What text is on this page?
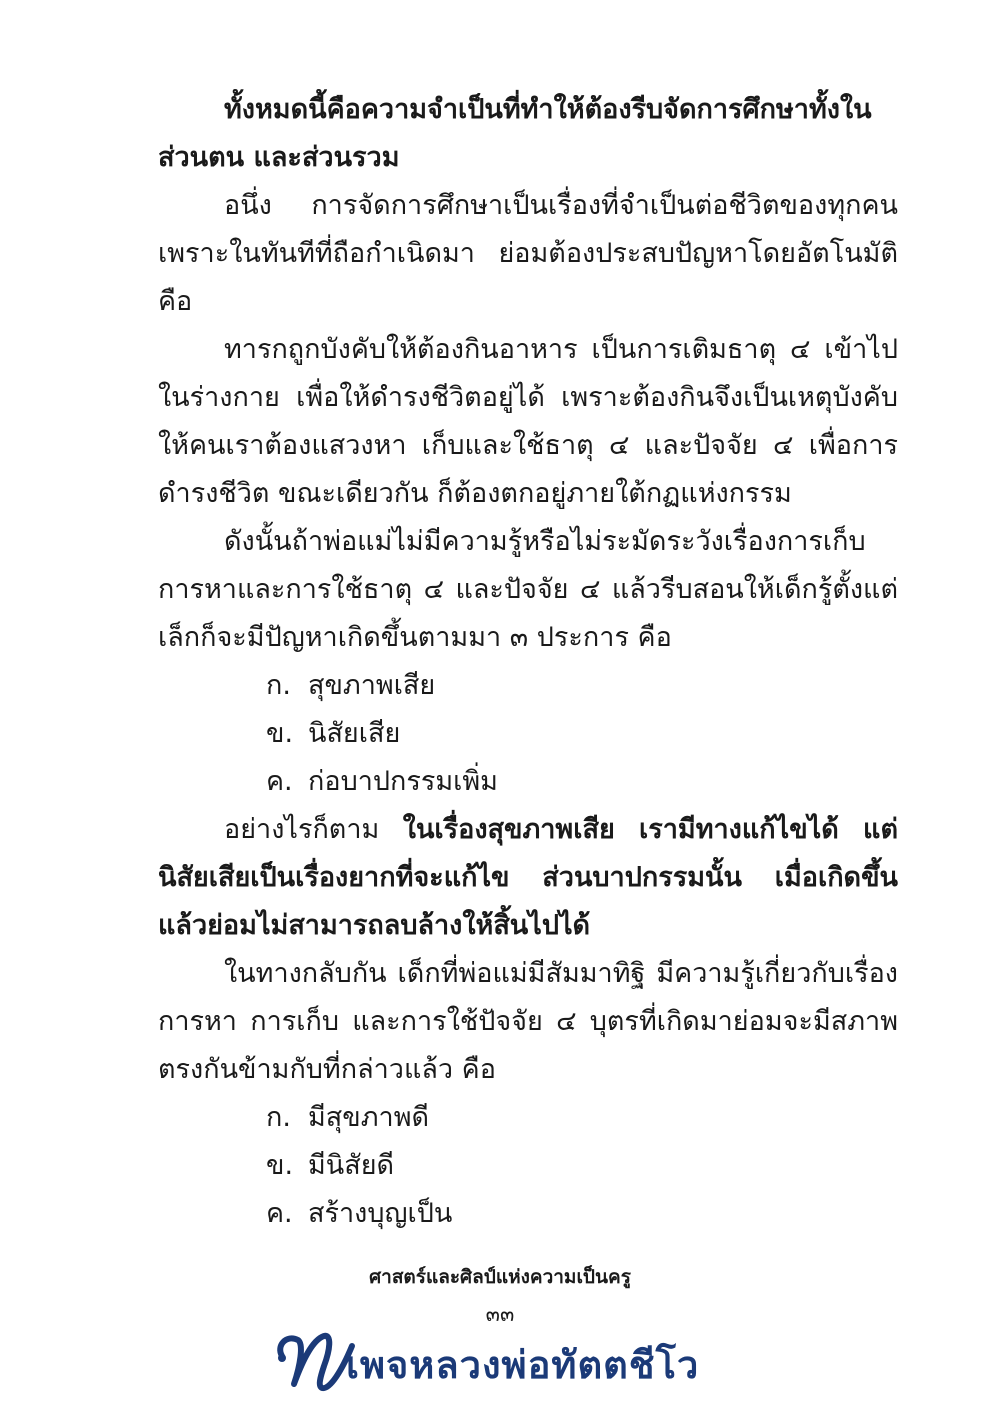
ทั้งหมดนี้คือความจำเป็นที่ทำให้ต้องรีบจัดการศึกษาทั้งในส่วนตน และส่วนรวม

อนึ่ง การจัดการศึกษาเป็นเรื่องที่จำเป็นต่อชีวิตของทุกคน เพราะในทันทีที่ถือกำเนิดมา ย่อมต้องประสบปัญหาโดยอัตโนมัติคือ

ทารกถูกบังคับให้ต้องกินอาหาร เป็นการเติมธาตุ ๔ เข้าไปในร่างกาย เพื่อให้ดำรงชีวิตอยู่ได้ เพราะต้องกินจึงเป็นเหตุบังคับให้คนเราต้องแสวงหา เก็บและใช้ธาตุ ๔ และปัจจัย ๔ เพื่อการดำรงชีวิต ขณะเดียวกัน ก็ต้องตกอยู่ภายใต้กฏแห่งกรรม

ดังนั้นถ้าพ่อแม่ไม่มีความรู้หรือไม่ระมัดระวังเรื่องการเก็บ การหาและการใช้ธาตุ ๔ และปัจจัย ๔ แล้วรีบสอนให้เด็กรู้ตั้งแต่เล็กก็จะมีปัญหาเกิดขึ้นตามมา ๓ ประการ คือ

ก. สุขภาพเสีย
ข. นิสัยเสีย
ค. ก่อบาปกรรมเพิ่ม

อย่างไรก็ตาม ในเรื่องสุขภาพเสีย เรามีทางแก้ไขได้ แต่นิสัยเสียเป็นเรื่องยากที่จะแก้ไข ส่วนบาปกรรมนั้น เมื่อเกิดขึ้นแล้วย่อมไม่สามารถลบล้างให้สิ้นไปได้

ในทางกลับกัน เด็กที่พ่อแม่มีสัมมาทิฐิ มีความรู้เกี่ยวกับเรื่องการหา การเก็บ และการใช้ปัจจัย ๔ บุตรที่เกิดมาย่อมจะมีสภาพตรงกันข้ามกับที่กล่าวแล้ว คือ

ก. มีสุขภาพดี
ข. มีนิสัยดี
ค. สร้างบุญเป็น
ศาสตร์และศิลป์แห่งความเป็นครู
๓๓
เพจหลวงพ่อทัตตชีโว
